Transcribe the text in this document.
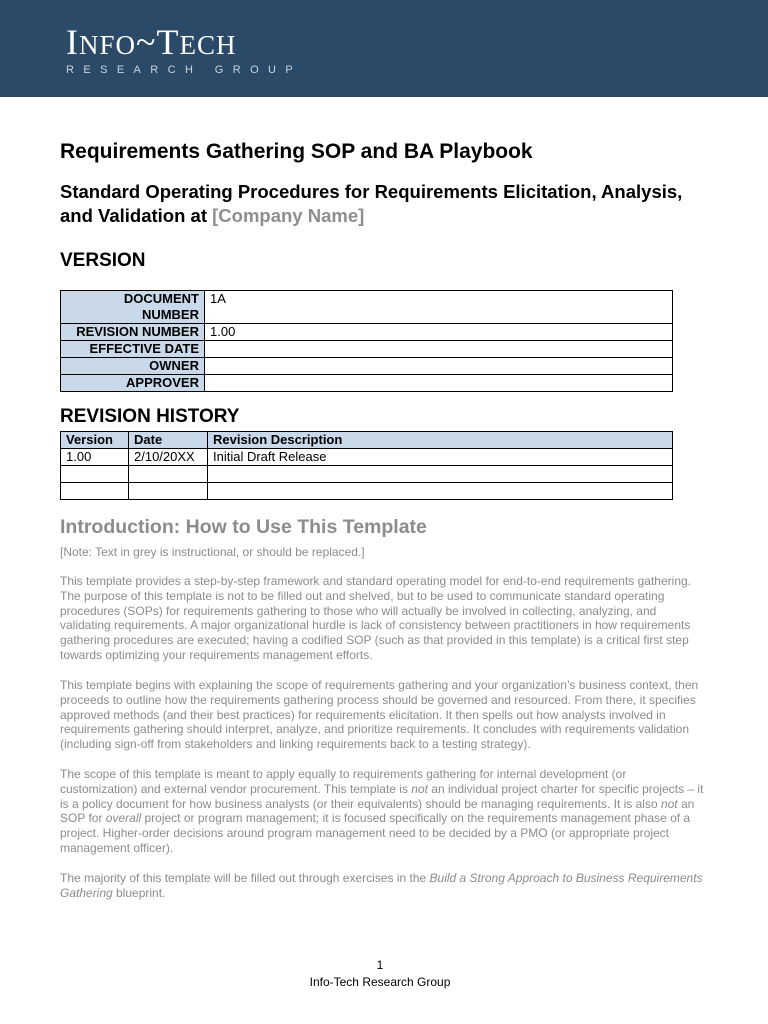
INFO~TECH
RESEARCH GROUP
Requirements Gathering SOP and BA Playbook
Standard Operating Procedures for Requirements Elicitation, Analysis, and Validation at [Company Name]
VERSION
DOCUMENT NUMBER	1A
REVISION NUMBER	1.00
EFFECTIVE DATE	
OWNER	
APPROVER	
REVISION HISTORY
Version	Date	Revision Description
1.00	2/10/20XX	Initial Draft Release

Introduction: How to Use This Template

[Note: Text in grey is instructional, or should be replaced.]

This template provides a step-by-step framework and standard operating model for end-to-end requirements gathering. The purpose of this template is not to be filled out and shelved, but to be used to communicate standard operating procedures (SOPs) for requirements gathering to those who will actually be involved in collecting, analyzing, and validating requirements. A major organizational hurdle is lack of consistency between practitioners in how requirements gathering procedures are executed; having a codified SOP (such as that provided in this template) is a critical first step towards optimizing your requirements management efforts.

This template begins with explaining the scope of requirements gathering and your organization’s business context, then proceeds to outline how the requirements gathering process should be governed and resourced. From there, it specifies approved methods (and their best practices) for requirements elicitation. It then spells out how analysts involved in requirements gathering should interpret, analyze, and prioritize requirements. It concludes with requirements validation (including sign-off from stakeholders and linking requirements back to a testing strategy).

The scope of this template is meant to apply equally to requirements gathering for internal development (or customization) and external vendor procurement. This template is not an individual project charter for specific projects – it is a policy document for how business analysts (or their equivalents) should be managing requirements. It is also not an SOP for overall project or program management; it is focused specifically on the requirements management phase of a project. Higher-order decisions around program management need to be decided by a PMO (or appropriate project management officer).

The majority of this template will be filled out through exercises in the Build a Strong Approach to Business Requirements Gathering blueprint.

1
Info-Tech Research Group
